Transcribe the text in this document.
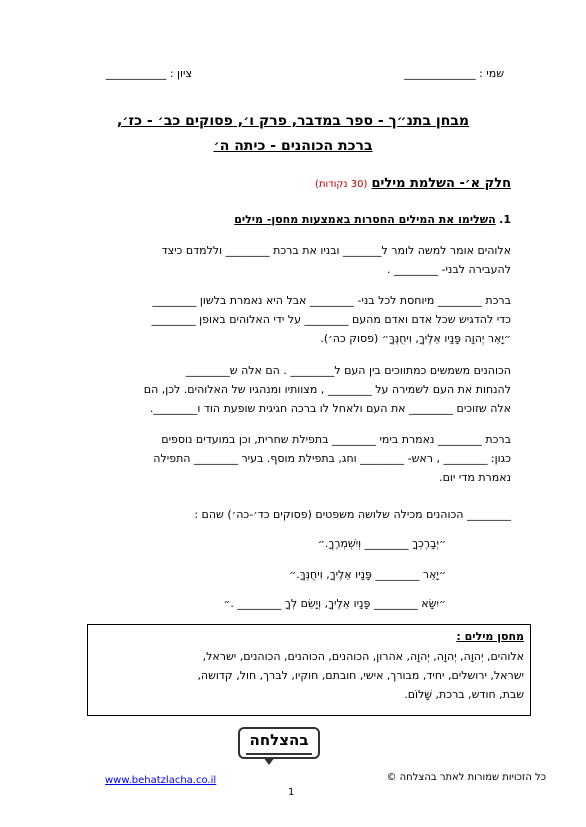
שמי : _____________
ציון : ___________
מבחן בתנ״ך - ספר במדבר, פרק ו׳, פסוקים כב׳ - כז׳,
ברכת הכוהנים - כיתה ה׳
חלק א׳- השלמת מילים (30 נקודות)
1. השלימו את המילים החסרות באמצעות מחסן- מילים
אלוהים אומר למשה לומר ל_______ ובניו את ברכת ________ וללמדם כיצד
להעבירה לבני- ________ .
ברכת ________ מיוחסת לכל בני- ________ אבל היא נאמרת בלשון ________
כדי להדגיש שכל אדם ואדם מהעם ________ על ידי האלוהים באופן ________
״יָאֵר יְהוָה פָּנָיו אֵלֶיךָ, וִיחֻנֶּךָּ״ (פסוק כה׳).
הכוהנים משמשים כמתווכים בין העם ל________ . הם אלה ש________
להנחות את העם לשמירה על ________ , מצוותיו ומנהגיו של האלוהים. לכן, הם
אלה שזוכים ________ את העם ולאחל לו ברכה חגיגית שופעת הוד ו________.
ברכת ________ נאמרת בימי ________ בתפילת שחרית, וכן במועדים נוספים
כגון: ________ , ראש- ________ וחג, בתפילת מוסף. בעיר ________ התפילה
נאמרת מדי יום.
________ הכוהנים מכילה שלושה משפטים (פסוקים כד׳-כה׳) שהם :
״יְבָרֶכְךָ ________ וְיִשְׁמְרֶךָ.״
״יָאֵר ________ פָּנָיו אֵלֶיךָ, וִיחֻנֶּךָּ.״
״יִשָּׂא ________ פָּנָיו אֵלֶיךָ, וְיָשֵׂם לְךָ ________ .״
מחסן מילים :
אלוהים, יְהוָה, יְהוָה, יְהוָה, אהרון, הכוהנים, הכוהנים, הכוהנים, ישראל,
ישראל, ירושלים, יחיד, מבורך, אישי, חובתם, חוקיו, לברך, חול, קדושה,
שבת, חודש, ברכת, שָׁלוֹם.
בהצלחה
כל הזכויות שמורות לאתר בהצלחה ©
www.behatzlacha.co.il
1
